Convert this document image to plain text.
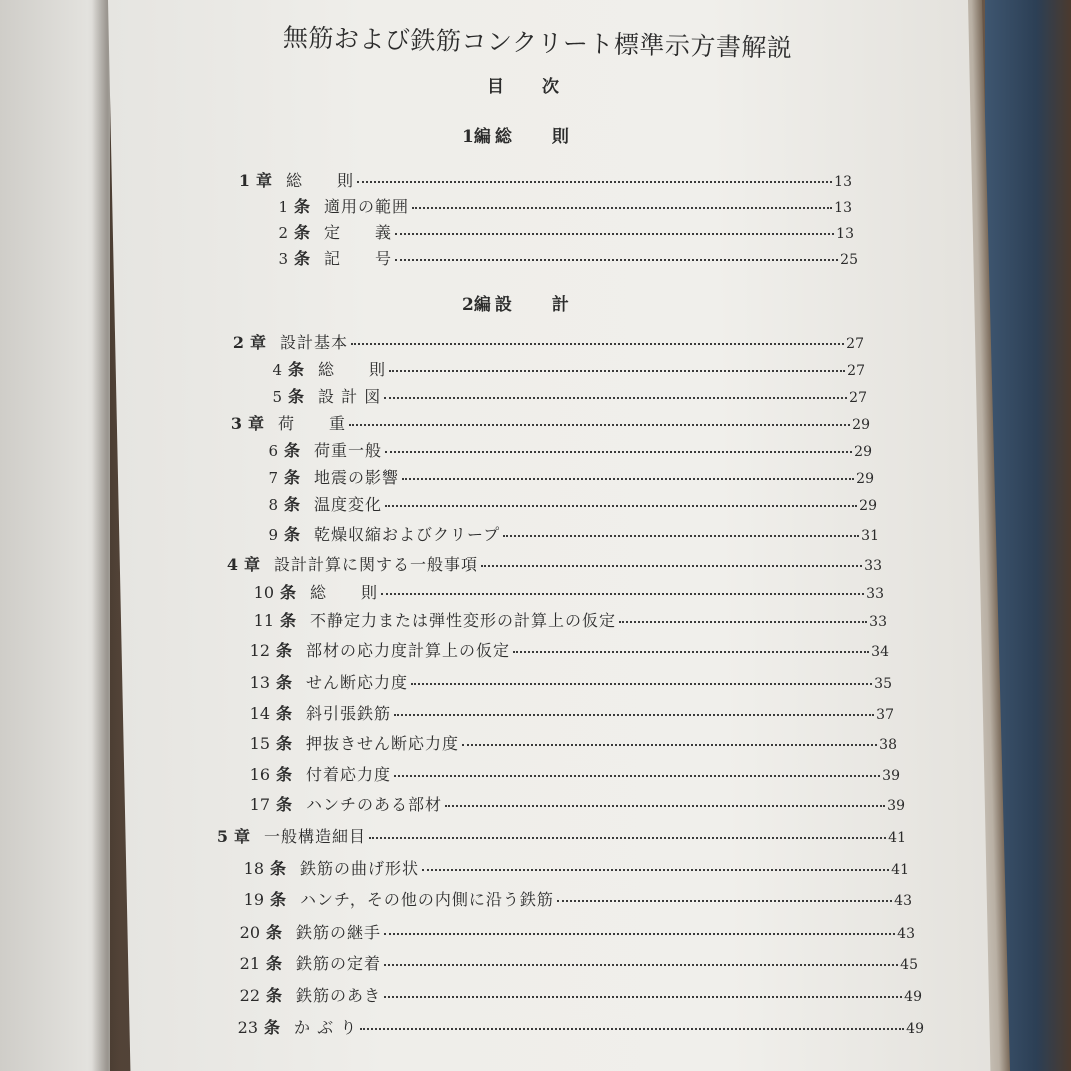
無筋および鉄筋コンクリート標準示方書解説
目次
1編 総 則
2編 設 計
1 章 総　　則	13
1 条 適用の範囲	13
2 条 定　　義	13
3 条 記　　号	25
2 章 設計基本	27
4 条 総　　則	27
5 条 設 計 図	27
3 章 荷　　重	29
6 条 荷重一般	29
7 条 地震の影響	29
8 条 温度変化	29
9 条 乾燥収縮およびクリープ	31
4 章 設計計算に関する一般事項	33
10 条 総　　則	33
11 条 不静定力または弾性変形の計算上の仮定	33
12 条 部材の応力度計算上の仮定	34
13 条 せん断応力度	35
14 条 斜引張鉄筋	37
15 条 押抜きせん断応力度	38
16 条 付着応力度	39
17 条 ハンチのある部材	39
5 章 一般構造細目	41
18 条 鉄筋の曲げ形状	41
19 条 ハンチ，その他の内側に沿う鉄筋	43
20 条 鉄筋の継手	43
21 条 鉄筋の定着	45
22 条 鉄筋のあき	49
23 条 か ぶ り	49
